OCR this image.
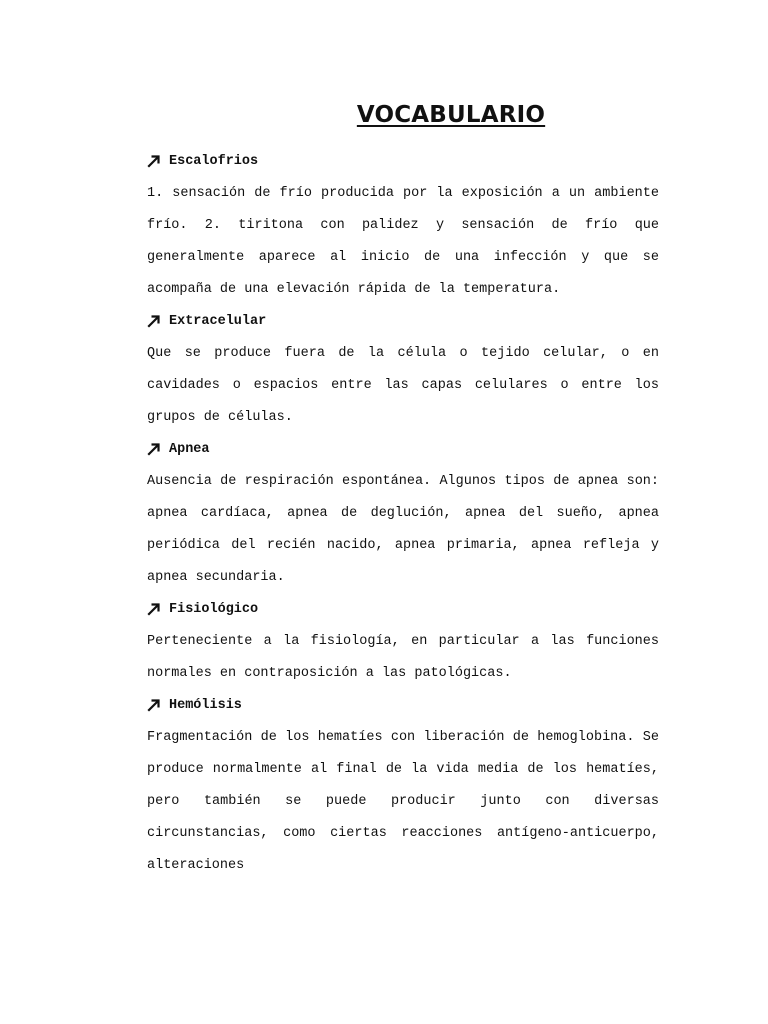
VOCABULARIO
Escalofrios

1. sensación de frío producida por la exposición a un ambiente frío. 2. tiritona con palidez y sensación de frío que generalmente aparece al inicio de una infección y que se acompaña de una elevación rápida de la temperatura.

Extracelular

Que se produce fuera de la célula o tejido celular, o en cavidades o espacios entre las capas celulares o entre los grupos de células.

Apnea

Ausencia de respiración espontánea. Algunos tipos de apnea son: apnea cardíaca, apnea de deglución, apnea del sueño, apnea periódica del recién nacido, apnea primaria, apnea refleja y apnea secundaria.

Fisiológico

Perteneciente a la fisiología, en particular a las funciones normales en contraposición a las patológicas.

Hemólisis

Fragmentación de los hematíes con liberación de hemoglobina. Se produce normalmente al final de la vida media de los hematíes, pero también se puede producir junto con diversas circunstancias, como ciertas reacciones antígeno-anticuerpo, alteraciones
